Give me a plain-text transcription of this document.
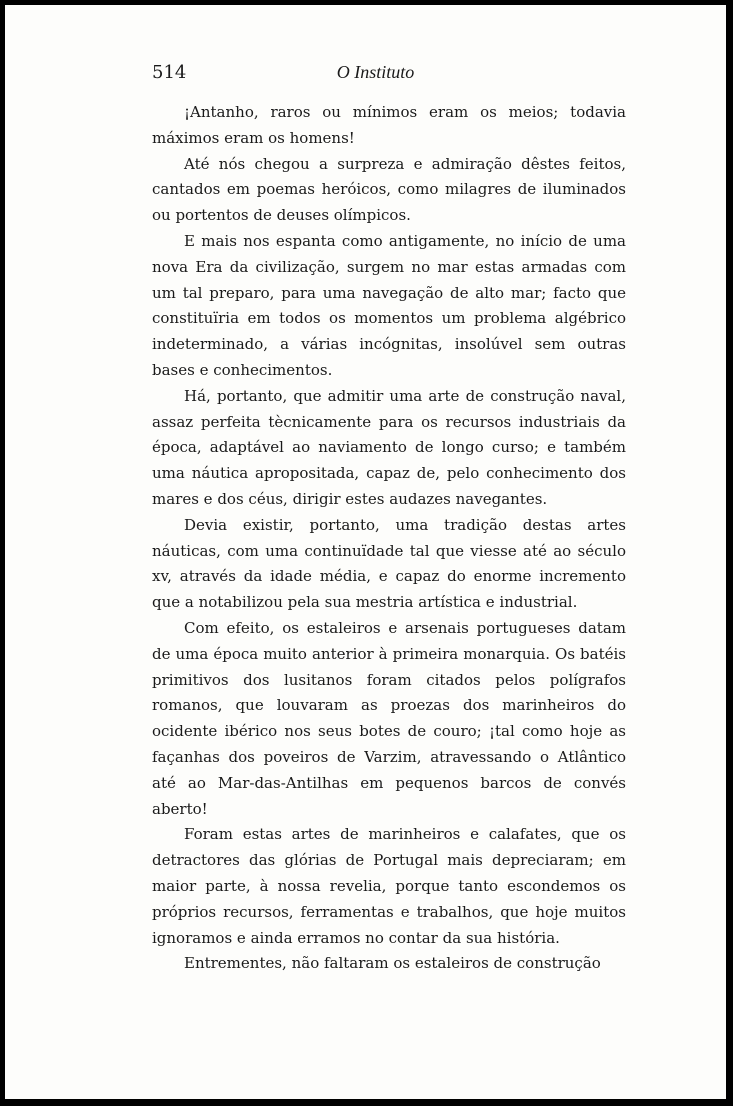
514	O Instituto

¡Antanho, raros ou mínimos eram os meios; todavia máximos eram os homens!

Até nós chegou a surpreza e admiração dêstes feitos, cantados em poemas heróicos, como milagres de iluminados ou portentos de deuses olímpicos.

E mais nos espanta como antigamente, no início de uma nova Era da civilização, surgem no mar estas armadas com um tal preparo, para uma navegação de alto mar; facto que constituïria em todos os momentos um problema algébrico indeterminado, a várias incógnitas, insolúvel sem outras bases e conhecimentos.

Há, portanto, que admitir uma arte de construção naval, assaz perfeita tècnicamente para os recursos industriais da época, adaptável ao naviamento de longo curso; e também uma náutica apropositada, capaz de, pelo conhecimento dos mares e dos céus, dirigir estes audazes navegantes.

Devia existir, portanto, uma tradição destas artes náuticas, com uma continuïdade tal que viesse até ao século xv, através da idade média, e capaz do enorme incremento que a notabilizou pela sua mestria artística e industrial.

Com efeito, os estaleiros e arsenais portugueses datam de uma época muito anterior à primeira monarquia. Os batéis primitivos dos lusitanos foram citados pelos polígrafos romanos, que louvaram as proezas dos marinheiros do ocidente ibérico nos seus botes de couro; ¡tal como hoje as façanhas dos poveiros de Varzim, atravessando o Atlântico até ao Mar-das-Antilhas em pequenos barcos de convés aberto!

Foram estas artes de marinheiros e calafates, que os detractores das glórias de Portugal mais depreciaram; em maior parte, à nossa revelia, porque tanto escondemos os próprios recursos, ferramentas e trabalhos, que hoje muitos ignoramos e ainda erramos no contar da sua história.

Entrementes, não faltaram os estaleiros de construção
